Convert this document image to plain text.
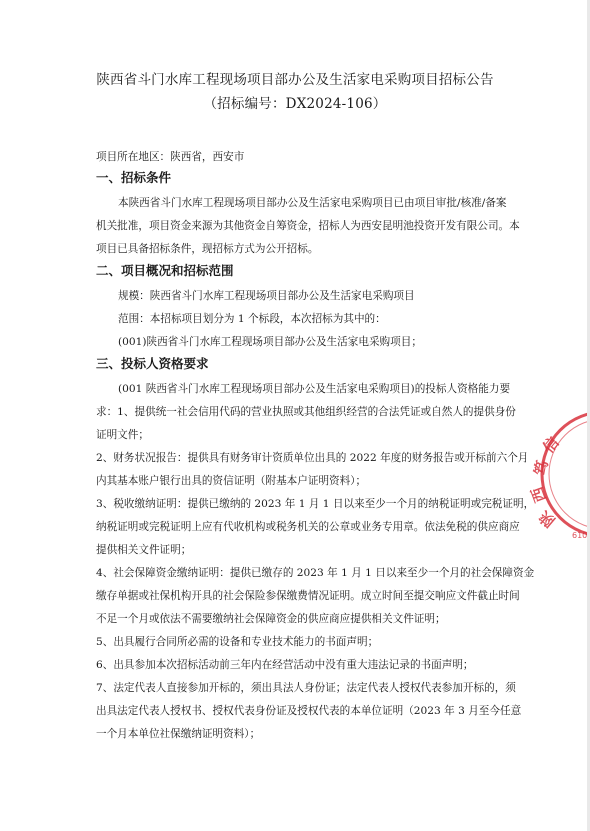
陕西省斗门水库工程现场项目部办公及生活家电采购项目招标公告
（招标编号：DX2024-106）
项目所在地区：陕西省，西安市
一、招标条件
本陕西省斗门水库工程现场项目部办公及生活家电采购项目已由项目审批/核准/备案
机关批准，项目资金来源为其他资金自筹资金，招标人为西安昆明池投资开发有限公司。本
项目已具备招标条件，现招标方式为公开招标。
二、项目概况和招标范围
规模：陕西省斗门水库工程现场项目部办公及生活家电采购项目
范围：本招标项目划分为 1 个标段，本次招标为其中的：
(001)陕西省斗门水库工程现场项目部办公及生活家电采购项目；
三、投标人资格要求
(001 陕西省斗门水库工程现场项目部办公及生活家电采购项目)的投标人资格能力要
求：1、提供统一社会信用代码的营业执照或其他组织经营的合法凭证或自然人的提供身份
证明文件；
2、财务状况报告：提供具有财务审计资质单位出具的 2022 年度的财务报告或开标前六个月
内其基本账户银行出具的资信证明（附基本户证明资料）；
3、税收缴纳证明：提供已缴纳的 2023 年 1 月 1 日以来至少一个月的纳税证明或完税证明，
纳税证明或完税证明上应有代收机构或税务机关的公章或业务专用章。依法免税的供应商应
提供相关文件证明；
4、社会保障资金缴纳证明：提供已缴存的 2023 年 1 月 1 日以来至少一个月的社会保障资金
缴存单据或社保机构开具的社会保险参保缴费情况证明。成立时间至提交响应文件截止时间
不足一个月或依法不需要缴纳社会保障资金的供应商应提供相关文件证明；
5、出具履行合同所必需的设备和专业技术能力的书面声明；
6、出具参加本次招标活动前三年内在经营活动中没有重大违法记录的书面声明；
7、法定代表人直接参加开标的，须出具法人身份证；法定代表人授权代表参加开标的，须
出具法定代表人授权书、授权代表身份证及授权代表的本单位证明（2023 年 3 月至今任意
一个月本单位社保缴纳证明资料）；
信
笃
西
陕
610
